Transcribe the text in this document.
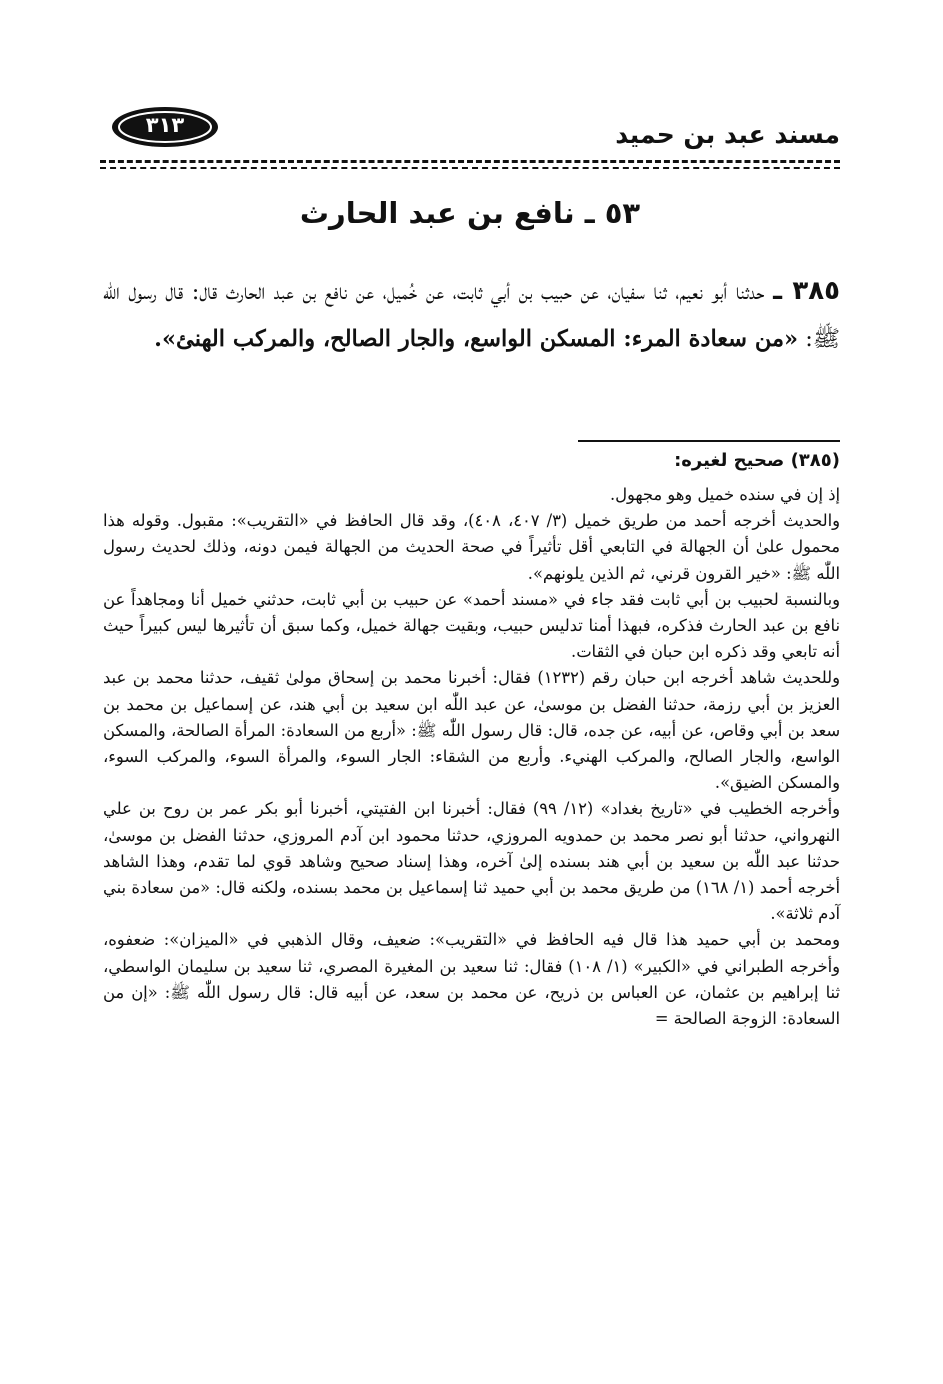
مسند عبد بن حميد
٣١٣
٥٣ ـ نافع بن عبد الحارث
٣٨٥ ـ حدثنا أبو نعيم، ثنا سفيان، عن حبيب بن أبي ثابت، عن خُميل، عن نافع بن عبد الحارث قال: قال رسول اللّٰه ﷺ: «من سعادة المرء: المسكن الواسع، والجار الصالح، والمركب الهنئ».
(٣٨٥) صحيح لغيره:

إذ إن في سنده خميل وهو مجهول.

والحديث أخرجه أحمد من طريق خميل (٣/ ٤٠٧، ٤٠٨)، وقد قال الحافظ في «التقريب»: مقبول. وقوله هذا محمول علىٰ أن الجهالة في التابعي أقل تأثيراً في صحة الحديث من الجهالة فيمن دونه، وذلك لحديث رسول اللّٰه ﷺ: «خير القرون قرني، ثم الذين يلونهم».

وبالنسبة لحبيب بن أبي ثابت فقد جاء في «مسند أحمد» عن حبيب بن أبي ثابت، حدثني خميل أنا ومجاهداً عن نافع بن عبد الحارث فذكره، فبهذا أمنا تدليس حبيب، وبقيت جهالة خميل، وكما سبق أن تأثيرها ليس كبيراً حيث أنه تابعي وقد ذكره ابن حبان في الثقات.

وللحديث شاهد أخرجه ابن حبان رقم (١٢٣٢) فقال: أخبرنا محمد بن إسحاق مولىٰ ثقيف، حدثنا محمد بن عبد العزيز بن أبي رزمة، حدثنا الفضل بن موسىٰ، عن عبد اللّٰه ابن سعيد بن أبي هند، عن إسماعيل بن محمد بن سعد بن أبي وقاص، عن أبيه، عن جده، قال: قال رسول اللّٰه ﷺ: «أربع من السعادة: المرأة الصالحة، والمسكن الواسع، والجار الصالح، والمركب الهنيء. وأربع من الشقاء: الجار السوء، والمرأة السوء، والمركب السوء، والمسكن الضيق».

وأخرجه الخطيب في «تاريخ بغداد» (١٢/ ٩٩) فقال: أخبرنا ابن الفتيتي، أخبرنا أبو بكر عمر بن روح بن علي النهرواني، حدثنا أبو نصر محمد بن حمدويه المروزي، حدثنا محمود ابن آدم المروزي، حدثنا الفضل بن موسىٰ، حدثنا عبد اللّٰه بن سعيد بن أبي هند بسنده إلىٰ آخره، وهذا إسناد صحيح وشاهد قوي لما تقدم، وهذا الشاهد أخرجه أحمد (١/ ١٦٨) من طريق محمد بن أبي حميد ثنا إسماعيل بن محمد بسنده، ولكنه قال: «من سعادة بني آدم ثلاثة».

ومحمد بن أبي حميد هذا قال فيه الحافظ في «التقريب»: ضعيف، وقال الذهبي في «الميزان»: ضعفوه، وأخرجه الطبراني في «الكبير» (١/ ١٠٨) فقال: ثنا سعيد بن المغيرة المصري، ثنا سعيد بن سليمان الواسطي، ثنا إبراهيم بن عثمان، عن العباس بن ذريح، عن محمد بن سعد، عن أبيه قال: قال رسول اللّٰه ﷺ: «إن من السعادة: الزوجة الصالحة =
